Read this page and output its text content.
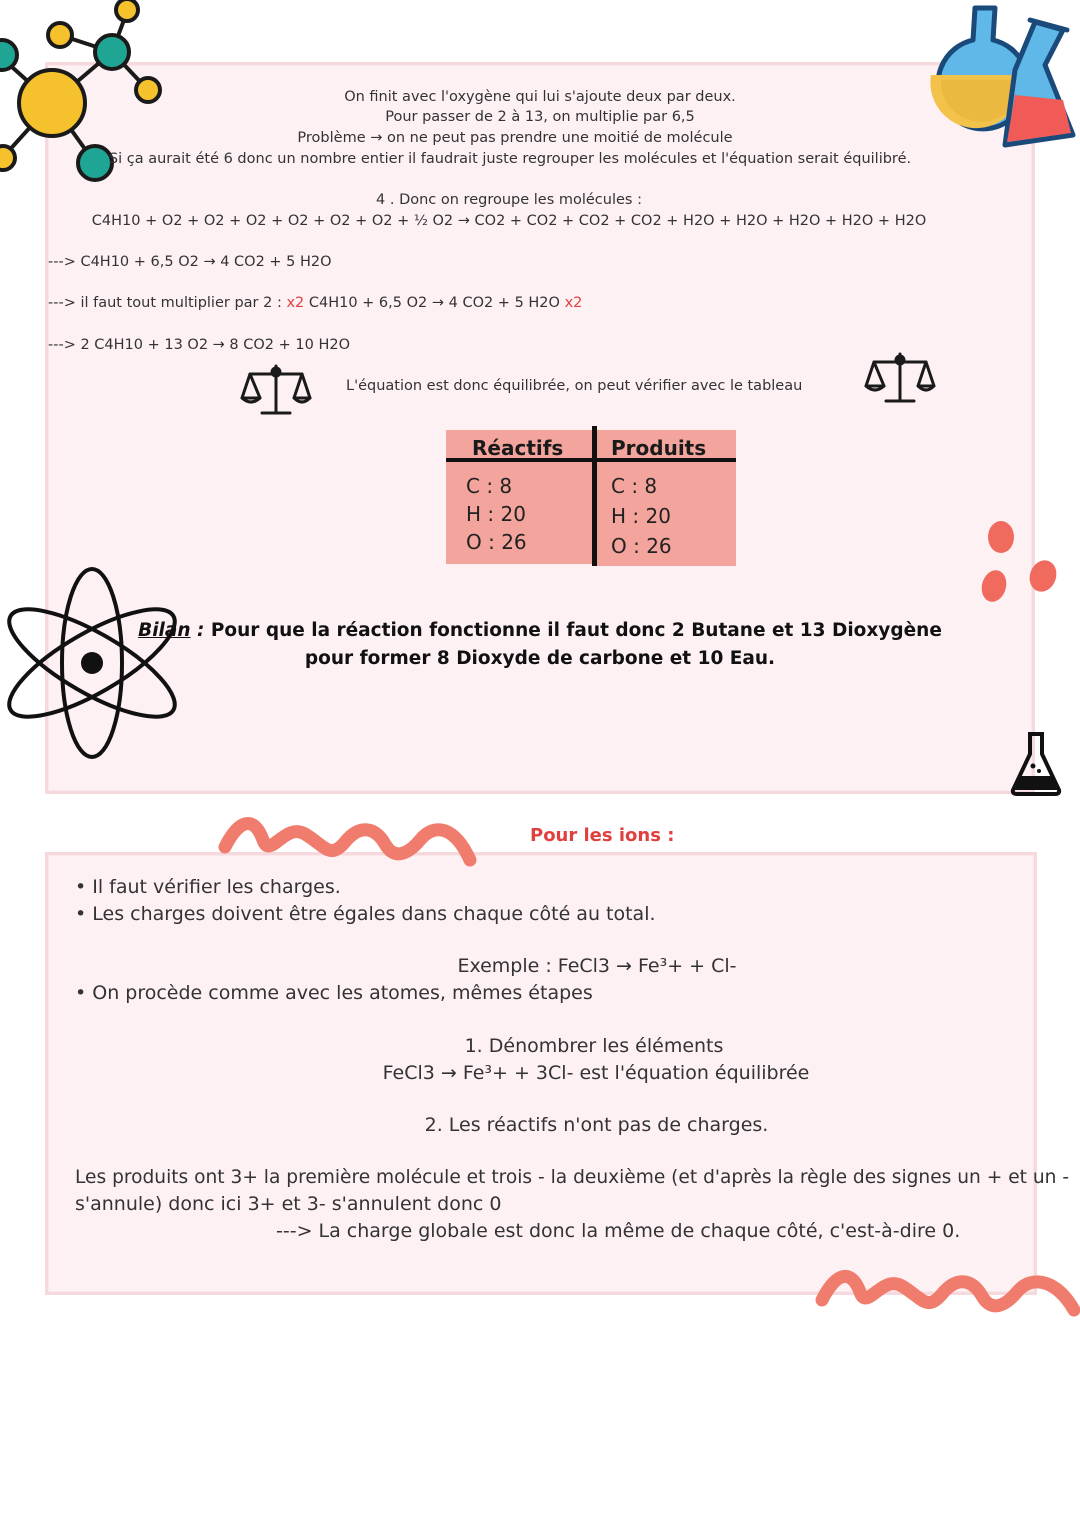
On finit avec l'oxygène qui lui s'ajoute deux par deux.
Pour passer de 2 à 13, on multiplie par 6,5
Problème → on ne peut pas prendre une moitié de molécule
Si ça aurait été 6 donc un nombre entier il faudrait juste regrouper les molécules et l'équation serait équilibré.
4 . Donc on regroupe les molécules :
C4H10 + O2 + O2 + O2 + O2 + O2 + O2 + ½ O2 → CO2 + CO2 + CO2 + CO2 + H2O + H2O + H2O + H2O + H2O
---> C4H10 + 6,5 O2 → 4 CO2 + 5 H2O
---> il faut tout multiplier par 2 : x2 C4H10 + 6,5 O2 → 4 CO2 + 5 H2O x2
---> 2 C4H10 + 13 O2 → 8 CO2 + 10 H2O
L'équation est donc équilibrée, on peut vérifier avec le tableau
Réactifs Produits
C : 8
H : 20
O : 26
C : 8
H : 20
O : 26
Bilan : Pour que la réaction fonctionne il faut donc 2 Butane et 13 Dioxygène
pour former 8 Dioxyde de carbone et 10 Eau.
Pour les ions :
• Il faut vérifier les charges.
• Les charges doivent être égales dans chaque côté au total.
Exemple : FeCl3 → Fe³+ + Cl-
• On procède comme avec les atomes, mêmes étapes
1. Dénombrer les éléments
FeCl3 → Fe³+ + 3Cl- est l'équation équilibrée
2. Les réactifs n'ont pas de charges.
Les produits ont 3+ la première molécule et trois - la deuxième (et d'après la règle des signes un + et un -
s'annule) donc ici 3+ et 3- s'annulent donc 0
---> La charge globale est donc la même de chaque côté, c'est-à-dire 0.
